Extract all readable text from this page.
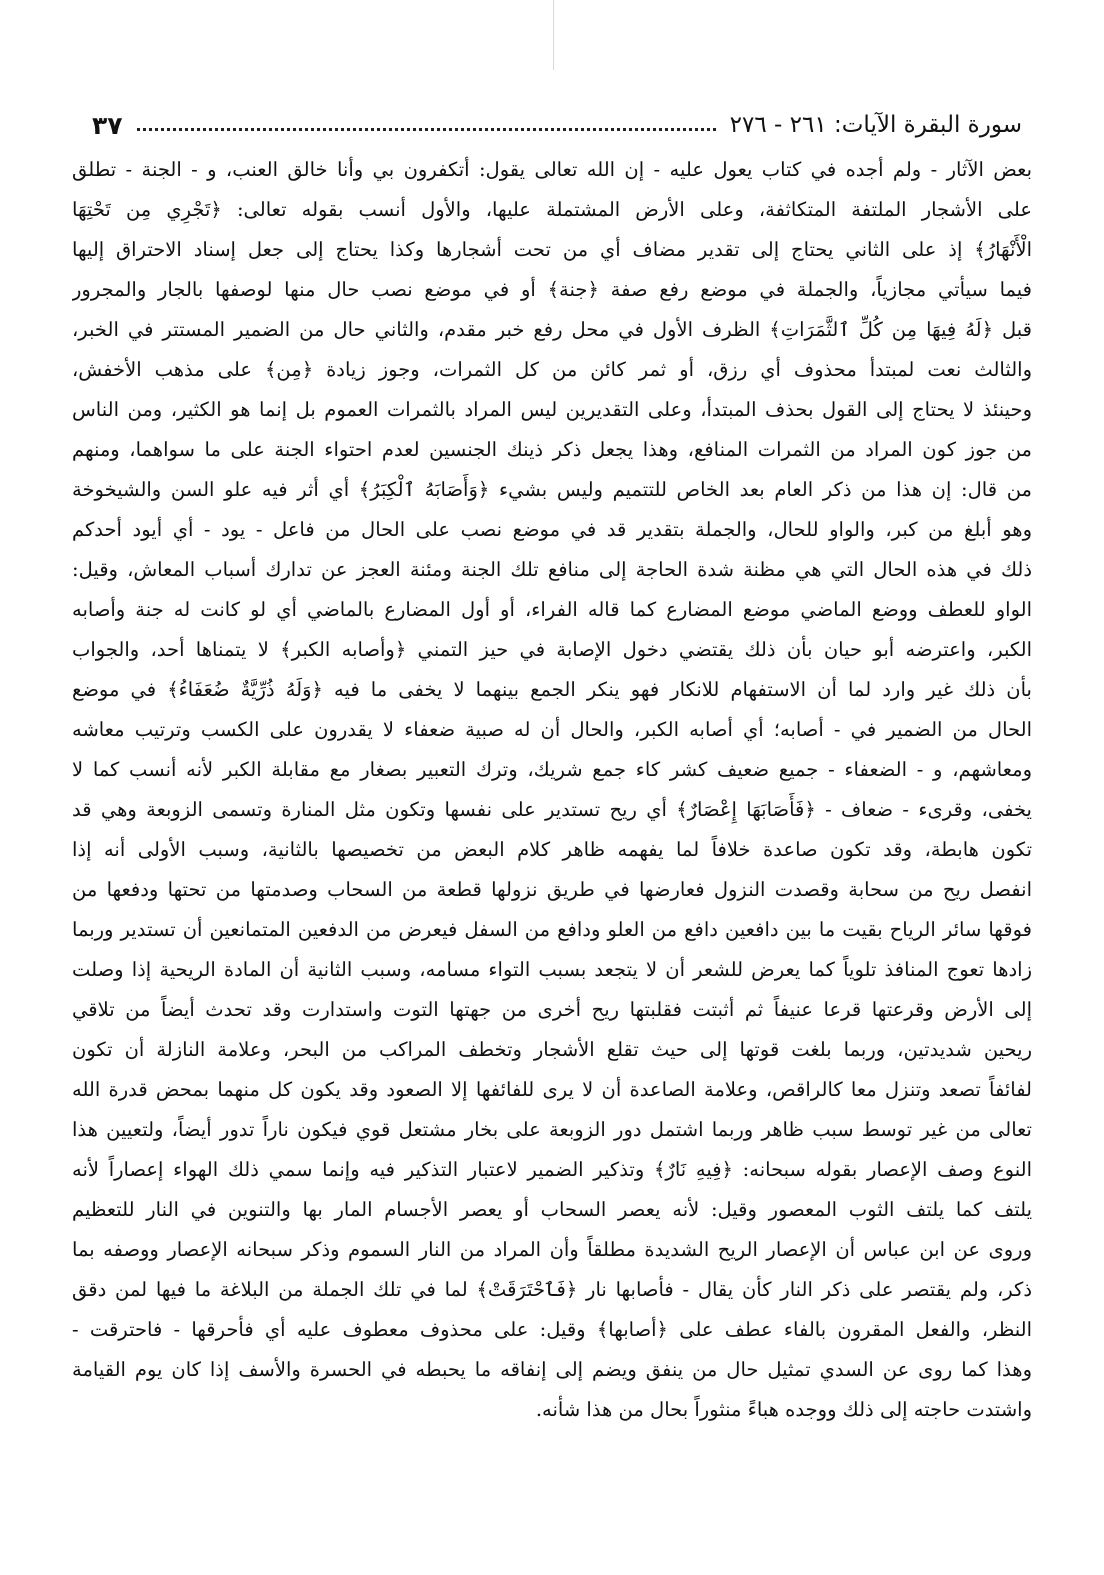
٣٧	سورة البقرة الآيات: ٢٦١ - ٢٧٦
بعض الآثار - ولم أجده في كتاب يعول عليه - إن الله تعالى يقول: أتكفرون بي وأنا خالق العنب، و - الجنة - تطلق
على الأشجار الملتفة المتكاثفة، وعلى الأرض المشتملة عليها، والأول أنسب بقوله تعالى: ﴿تَجْرِي مِن تَحْتِهَا
الْأَنْهَارُ﴾ إذ على الثاني يحتاج إلى تقدير مضاف أي من تحت أشجارها وكذا يحتاج إلى جعل إسناد الاحتراق إليها
فيما سيأتي مجازياً، والجملة في موضع رفع صفة ﴿جنة﴾ أو في موضع نصب حال منها لوصفها بالجار والمجرور
قبل ﴿لَهُ فِيهَا مِن كُلِّ ٱلثَّمَرَاتِ﴾ الظرف الأول في محل رفع خبر مقدم، والثاني حال من الضمير المستتر في الخبر،
والثالث نعت لمبتدأ محذوف أي رزق، أو ثمر كائن من كل الثمرات، وجوز زيادة ﴿مِن﴾ على مذهب الأخفش،
وحينئذ لا يحتاج إلى القول بحذف المبتدأ، وعلى التقديرين ليس المراد بالثمرات العموم بل إنما هو الكثير، ومن الناس
من جوز كون المراد من الثمرات المنافع، وهذا يجعل ذكر ذينك الجنسين لعدم احتواء الجنة على ما سواهما، ومنهم
من قال: إن هذا من ذكر العام بعد الخاص للتتميم وليس بشيء ﴿وَأَصَابَهُ ٱلْكِبَرُ﴾ أي أثر فيه علو السن والشيخوخة
وهو أبلغ من كبر، والواو للحال، والجملة بتقدير قد في موضع نصب على الحال من فاعل - يود - أي أيود أحدكم
ذلك في هذه الحال التي هي مظنة شدة الحاجة إلى منافع تلك الجنة ومئنة العجز عن تدارك أسباب المعاش، وقيل:
الواو للعطف ووضع الماضي موضع المضارع كما قاله الفراء، أو أول المضارع بالماضي أي لو كانت له جنة وأصابه
الكبر، واعترضه أبو حيان بأن ذلك يقتضي دخول الإصابة في حيز التمني ﴿وأصابه الكبر﴾ لا يتمناها أحد، والجواب
بأن ذلك غير وارد لما أن الاستفهام للانكار فهو ينكر الجمع بينهما لا يخفى ما فيه ﴿وَلَهُ ذُرِّيَّةٌ ضُعَفَاءُ﴾ في موضع
الحال من الضمير في - أصابه؛ أي أصابه الكبر، والحال أن له صبية ضعفاء لا يقدرون على الكسب وترتيب معاشه
ومعاشهم، و - الضعفاء - جميع ضعيف كشر كاء جمع شريك، وترك التعبير بصغار مع مقابلة الكبر لأنه أنسب كما لا
يخفى، وقرىء - ضعاف - ﴿فَأَصَابَهَا إِعْصَارٌ﴾ أي ريح تستدير على نفسها وتكون مثل المنارة وتسمى الزوبعة وهي قد
تكون هابطة، وقد تكون صاعدة خلافاً لما يفهمه ظاهر كلام البعض من تخصيصها بالثانية، وسبب الأولى أنه إذا
انفصل ريح من سحابة وقصدت النزول فعارضها في طريق نزولها قطعة من السحاب وصدمتها من تحتها ودفعها من
فوقها سائر الرياح بقيت ما بين دافعين دافع من العلو ودافع من السفل فيعرض من الدفعين المتمانعين أن تستدير وربما
زادها تعوج المنافذ تلوياً كما يعرض للشعر أن لا يتجعد بسبب التواء مسامه، وسبب الثانية أن المادة الريحية إذا وصلت
إلى الأرض وقرعتها قرعا عنيفاً ثم أثبتت فقلبتها ريح أخرى من جهتها التوت واستدارت وقد تحدث أيضاً من تلاقي
ريحين شديدتين، وربما بلغت قوتها إلى حيث تقلع الأشجار وتخطف المراكب من البحر، وعلامة النازلة أن تكون
لفائفاً تصعد وتنزل معا كالراقص، وعلامة الصاعدة أن لا يرى للفائفها إلا الصعود وقد يكون كل منهما بمحض قدرة الله
تعالى من غير توسط سبب ظاهر وربما اشتمل دور الزوبعة على بخار مشتعل قوي فيكون ناراً تدور أيضاً، ولتعيين هذا
النوع وصف الإعصار بقوله سبحانه: ﴿فِيهِ نَارٌ﴾ وتذكير الضمير لاعتبار التذكير فيه وإنما سمي ذلك الهواء إعصاراً لأنه
يلتف كما يلتف الثوب المعصور وقيل: لأنه يعصر السحاب أو يعصر الأجسام المار بها والتنوين في النار للتعظيم
وروى عن ابن عباس أن الإعصار الريح الشديدة مطلقاً وأن المراد من النار السموم وذكر سبحانه الإعصار ووصفه بما
ذكر، ولم يقتصر على ذكر النار كأن يقال - فأصابها نار ﴿فَٱحْتَرَقَتْ﴾ لما في تلك الجملة من البلاغة ما فيها لمن دقق
النظر، والفعل المقرون بالفاء عطف على ﴿أصابها﴾ وقيل: على محذوف معطوف عليه أي فأحرقها - فاحترقت -
وهذا كما روى عن السدي تمثيل حال من ينفق ويضم إلى إنفاقه ما يحبطه في الحسرة والأسف إذا كان يوم القيامة
واشتدت حاجته إلى ذلك ووجده هباءً منثوراً بحال من هذا شأنه.
